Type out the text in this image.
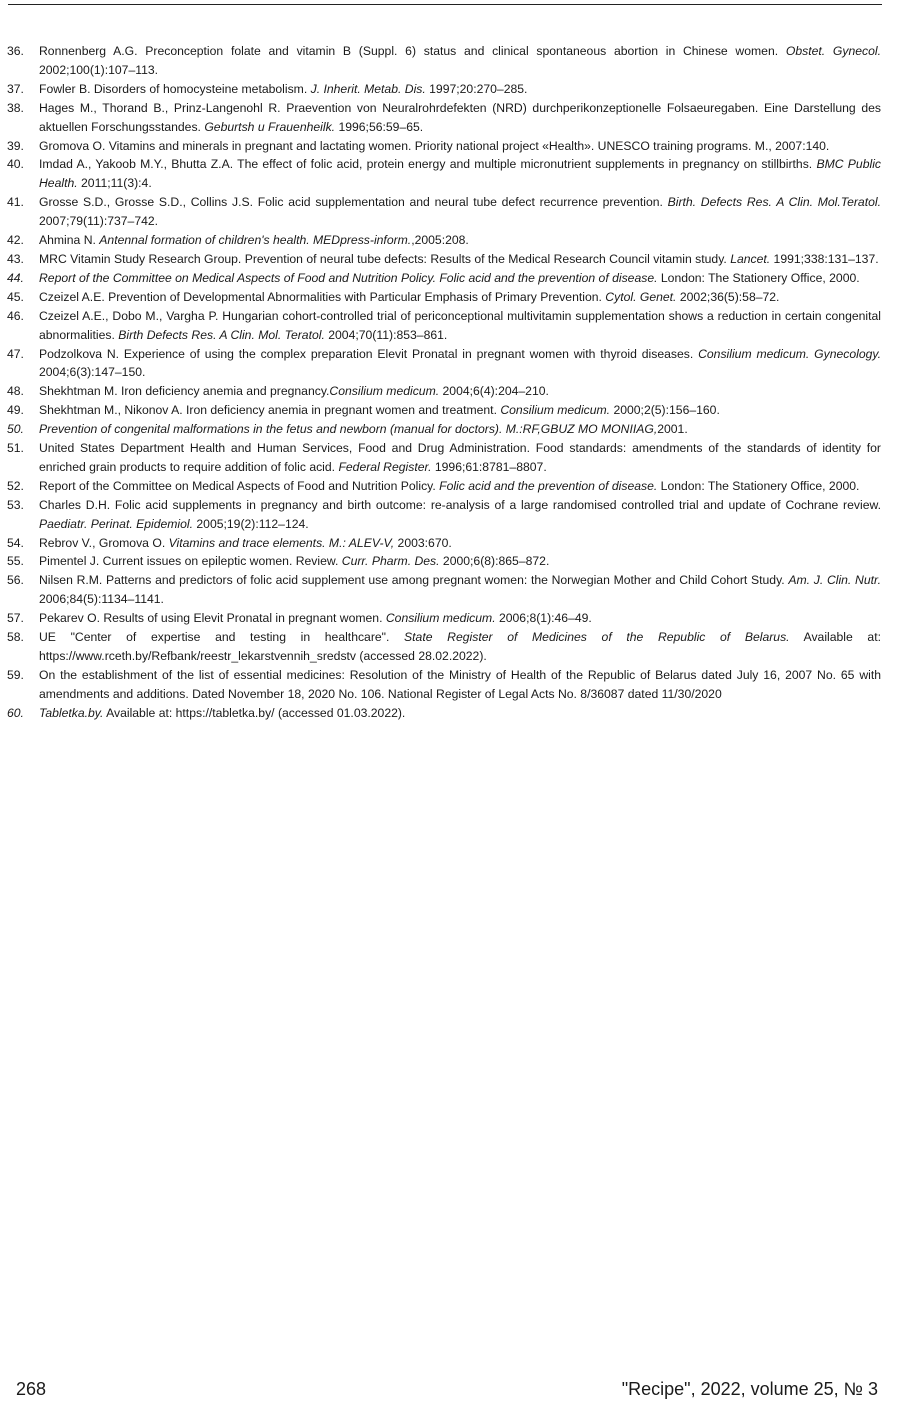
36.	Ronnenberg A.G. Preconception folate and vitamin B (Suppl. 6) status and clinical spontaneous abortion in Chinese women. Obstet. Gynecol. 2002;100(1):107–113.
37.	Fowler B. Disorders of homocysteine metabolism. J. Inherit. Metab. Dis. 1997;20:270–285.
38.	Hages M., Thorand B., Prinz-Langenohl R. Praevention von Neuralrohrdefekten (NRD) durchperikonzeptionelle Folsaeuregaben. Eine Darstellung des aktuellen Forschungsstandes. Geburtsh u Frauenheilk. 1996;56:59–65.
39.	Gromova O. Vitamins and minerals in pregnant and lactating women. Priority national project «Health». UNESCO training programs. M., 2007:140.
40.	Imdad A., Yakoob M.Y., Bhutta Z.A. The effect of folic acid, protein energy and multiple micronutrient supplements in pregnancy on stillbirths. BMC Public Health. 2011;11(3):4.
41.	Grosse S.D., Grosse S.D., Collins J.S. Folic acid supplementation and neural tube defect recurrence prevention. Birth. Defects Res. A Clin. Mol.Teratol. 2007;79(11):737–742.
42.	Ahmina N. Antennal formation of children's health. MEDpress-inform.,2005:208.
43.	MRC Vitamin Study Research Group. Prevention of neural tube defects: Results of the Medical Research Council vitamin study. Lancet. 1991;338:131–137.
44.	Report of the Committee on Medical Aspects of Food and Nutrition Policy. Folic acid and the prevention of disease. London: The Stationery Office, 2000.
45.	Czeizel A.E. Prevention of Developmental Abnormalities with Particular Emphasis of Primary Prevention. Cytol. Genet. 2002;36(5):58–72.
46.	Czeizel A.E., Dobo M., Vargha P. Hungarian cohort-controlled trial of periconceptional multivitamin supplementation shows a reduction in certain congenital abnormalities. Birth Defects Res. A Clin. Mol. Teratol. 2004;70(11):853–861.
47.	Podzolkova N. Experience of using the complex preparation Elevit Pronatal in pregnant women with thyroid diseases. Consilium medicum. Gynecology. 2004;6(3):147–150.
48.	Shekhtman M. Iron deficiency anemia and pregnancy.Consilium medicum. 2004;6(4):204–210.
49.	Shekhtman M., Nikonov A. Iron deficiency anemia in pregnant women and treatment. Consilium medicum. 2000;2(5):156–160.
50.	Prevention of congenital malformations in the fetus and newborn (manual for doctors). M.:RF,GBUZ MO MONIIAG,2001.
51.	United States Department Health and Human Services, Food and Drug Administration. Food standards: amendments of the standards of identity for enriched grain products to require addition of folic acid. Federal Register. 1996;61:8781–8807.
52.	Report of the Committee on Medical Aspects of Food and Nutrition Policy. Folic acid and the prevention of disease. London: The Stationery Office, 2000.
53.	Charles D.H. Folic acid supplements in pregnancy and birth outcome: re-analysis of a large randomised controlled trial and update of Cochrane review. Paediatr. Perinat. Epidemiol. 2005;19(2):112–124.
54.	Rebrov V., Gromova O. Vitamins and trace elements. M.: ALEV-V, 2003:670.
55.	Pimentel J. Current issues on epileptic women. Review. Curr. Pharm. Des. 2000;6(8):865–872.
56.	Nilsen R.M. Patterns and predictors of folic acid supplement use among pregnant women: the Norwegian Mother and Child Cohort Study. Am. J. Clin. Nutr. 2006;84(5):1134–1141.
57.	Pekarev O. Results of using Elevit Pronatal in pregnant women. Consilium medicum. 2006;8(1):46–49.
58.	UE "Center of expertise and testing in healthcare". State Register of Medicines of the Republic of Belarus. Available at: https://www.rceth.by/Refbank/reestr_lekarstvennih_sredstv (accessed 28.02.2022).
59.	On the establishment of the list of essential medicines: Resolution of the Ministry of Health of the Republic of Belarus dated July 16, 2007 No. 65 with amendments and additions. Dated November 18, 2020 No. 106. National Register of Legal Acts No. 8/36087 dated 11/30/2020
60.	Tabletka.by. Available at: https://tabletka.by/ (accessed 01.03.2022).
268	"Recipe", 2022, volume 25, № 3
